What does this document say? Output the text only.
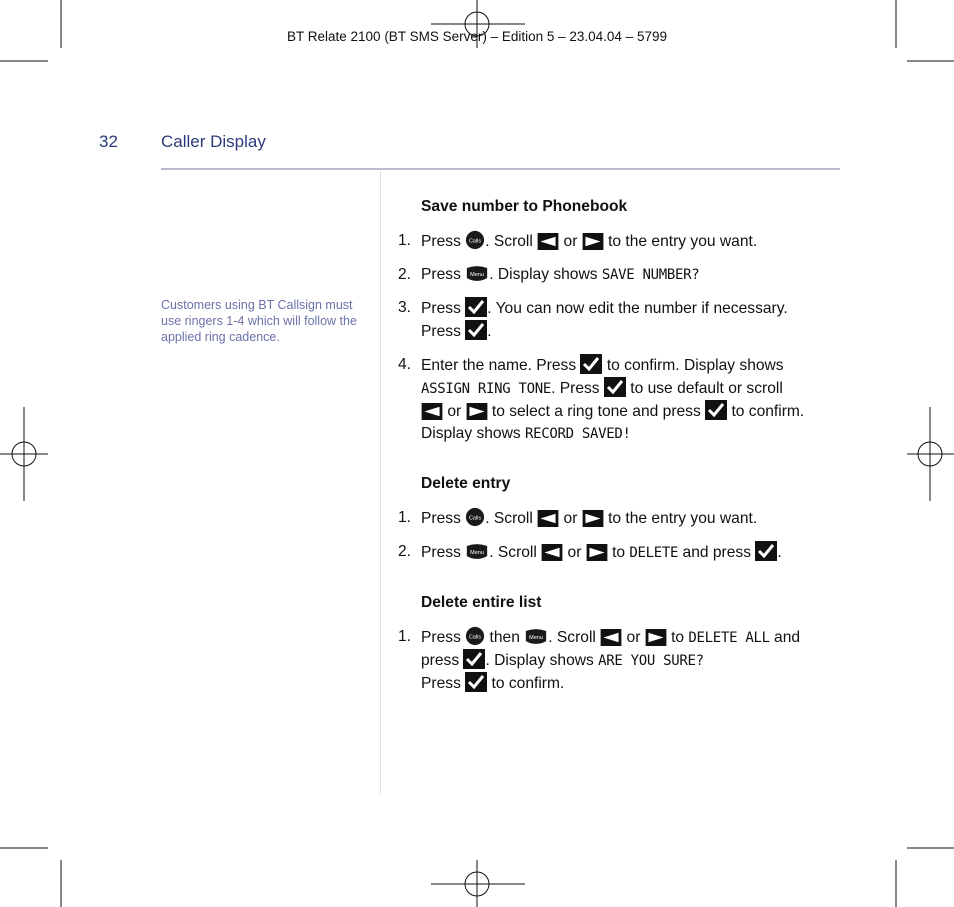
BT Relate 2100 (BT SMS Server) – Edition 5 – 23.04.04 – 5799
32	Caller Display
Customers using BT Callsign must use ringers 1-4 which will follow the applied ring cadence.
Save number to Phonebook
1. Press . Scroll  or  to the entry you want.
2. Press . Display shows SAVE NUMBER?
3. Press . You can now edit the number if necessary.
Press .
4. Enter the name. Press  to confirm. Display shows
ASSIGN RING TONE. Press  to use default or scroll
or  to select a ring tone and press  to confirm.
Display shows RECORD SAVED!
Delete entry
1. Press . Scroll  or  to the entry you want.
2. Press . Scroll  or  to DELETE and press .
Delete entire list
1. Press  then . Scroll  or  to DELETE ALL and
press . Display shows ARE YOU SURE?
Press  to confirm.
